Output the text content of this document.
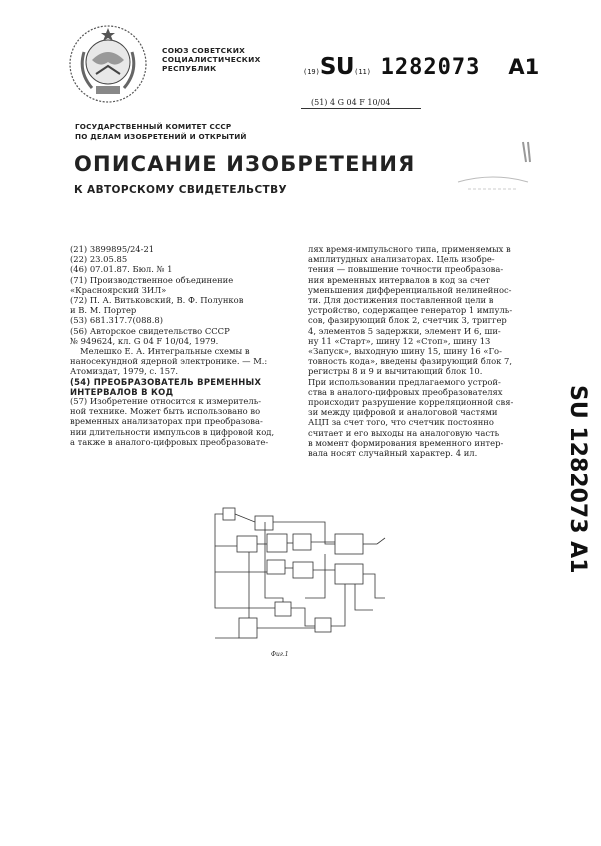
СОЮЗ СОВЕТСКИХ
СОЦИАЛИСТИЧЕСКИХ
РЕСПУБЛИК	(19)SU(11) 1282073 A1
(51) 4 G 04 F 10/04
ГОСУДАРСТВЕННЫЙ КОМИТЕТ СССР
ПО ДЕЛАМ ИЗОБРЕТЕНИЙ И ОТКРЫТИЙ
ОПИСАНИЕ ИЗОБРЕТЕНИЯ
К АВТОРСКОМУ СВИДЕТЕЛЬСТВУ
(21) 3899895/24-21
(22) 23.05.85
(46) 07.01.87. Бюл. № 1
(71) Производственное объединение
«Красноярский ЗИЛ»
(72) П. А. Витьковский, В. Ф. Полунков
и В. М. Портер
(53) 681.317.7(088.8)
(56) Авторское свидетельство СССР
№ 949624, кл. G 04 F 10/04, 1979.
Мелешко Е. А. Интегральные схемы в
наносекундной ядерной электронике. — М.:
Атомиздат, 1979, с. 157.
(54) ПРЕОБРАЗОВАТЕЛЬ ВРЕМЕННЫХ
ИНТЕРВАЛОВ В КОД
(57) Изобретение относится к измеритель-
ной технике. Может быть использовано во
временных анализаторах при преобразова-
нии длительности импульсов в цифровой код,
а также в аналого-цифровых преобразовате-
лях время-импульсного типа, применяемых в
амплитудных анализаторах. Цель изобре-
тения — повышение точности преобразова-
ния временных интервалов в код за счет
уменьшения дифференциальной нелинейнос-
ти. Для достижения поставленной цели в
устройство, содержащее генератор 1 импуль-
сов, фазирующий блок 2, счетчик 3, триггер
4, элементов 5 задержки, элемент И 6, ши-
ну 11 «Старт», шину 12 «Стоп», шину 13
«Запуск», выходную шину 15, шину 16 «Го-
товность кода», введены фазирующий блок 7,
регистры 8 и 9 и вычитающий блок 10.
При использовании предлагаемого устрой-
ства в аналого-цифровых преобразователях
происходит разрушение корреляционной свя-
зи между цифровой и аналоговой частями
АЦП за счет того, что счетчик постоянно
считает и его выходы на аналоговую часть
в момент формирования временного интер-
вала носят случайный характер. 4 ил.
Фиг.1
SU 1282073 A1
